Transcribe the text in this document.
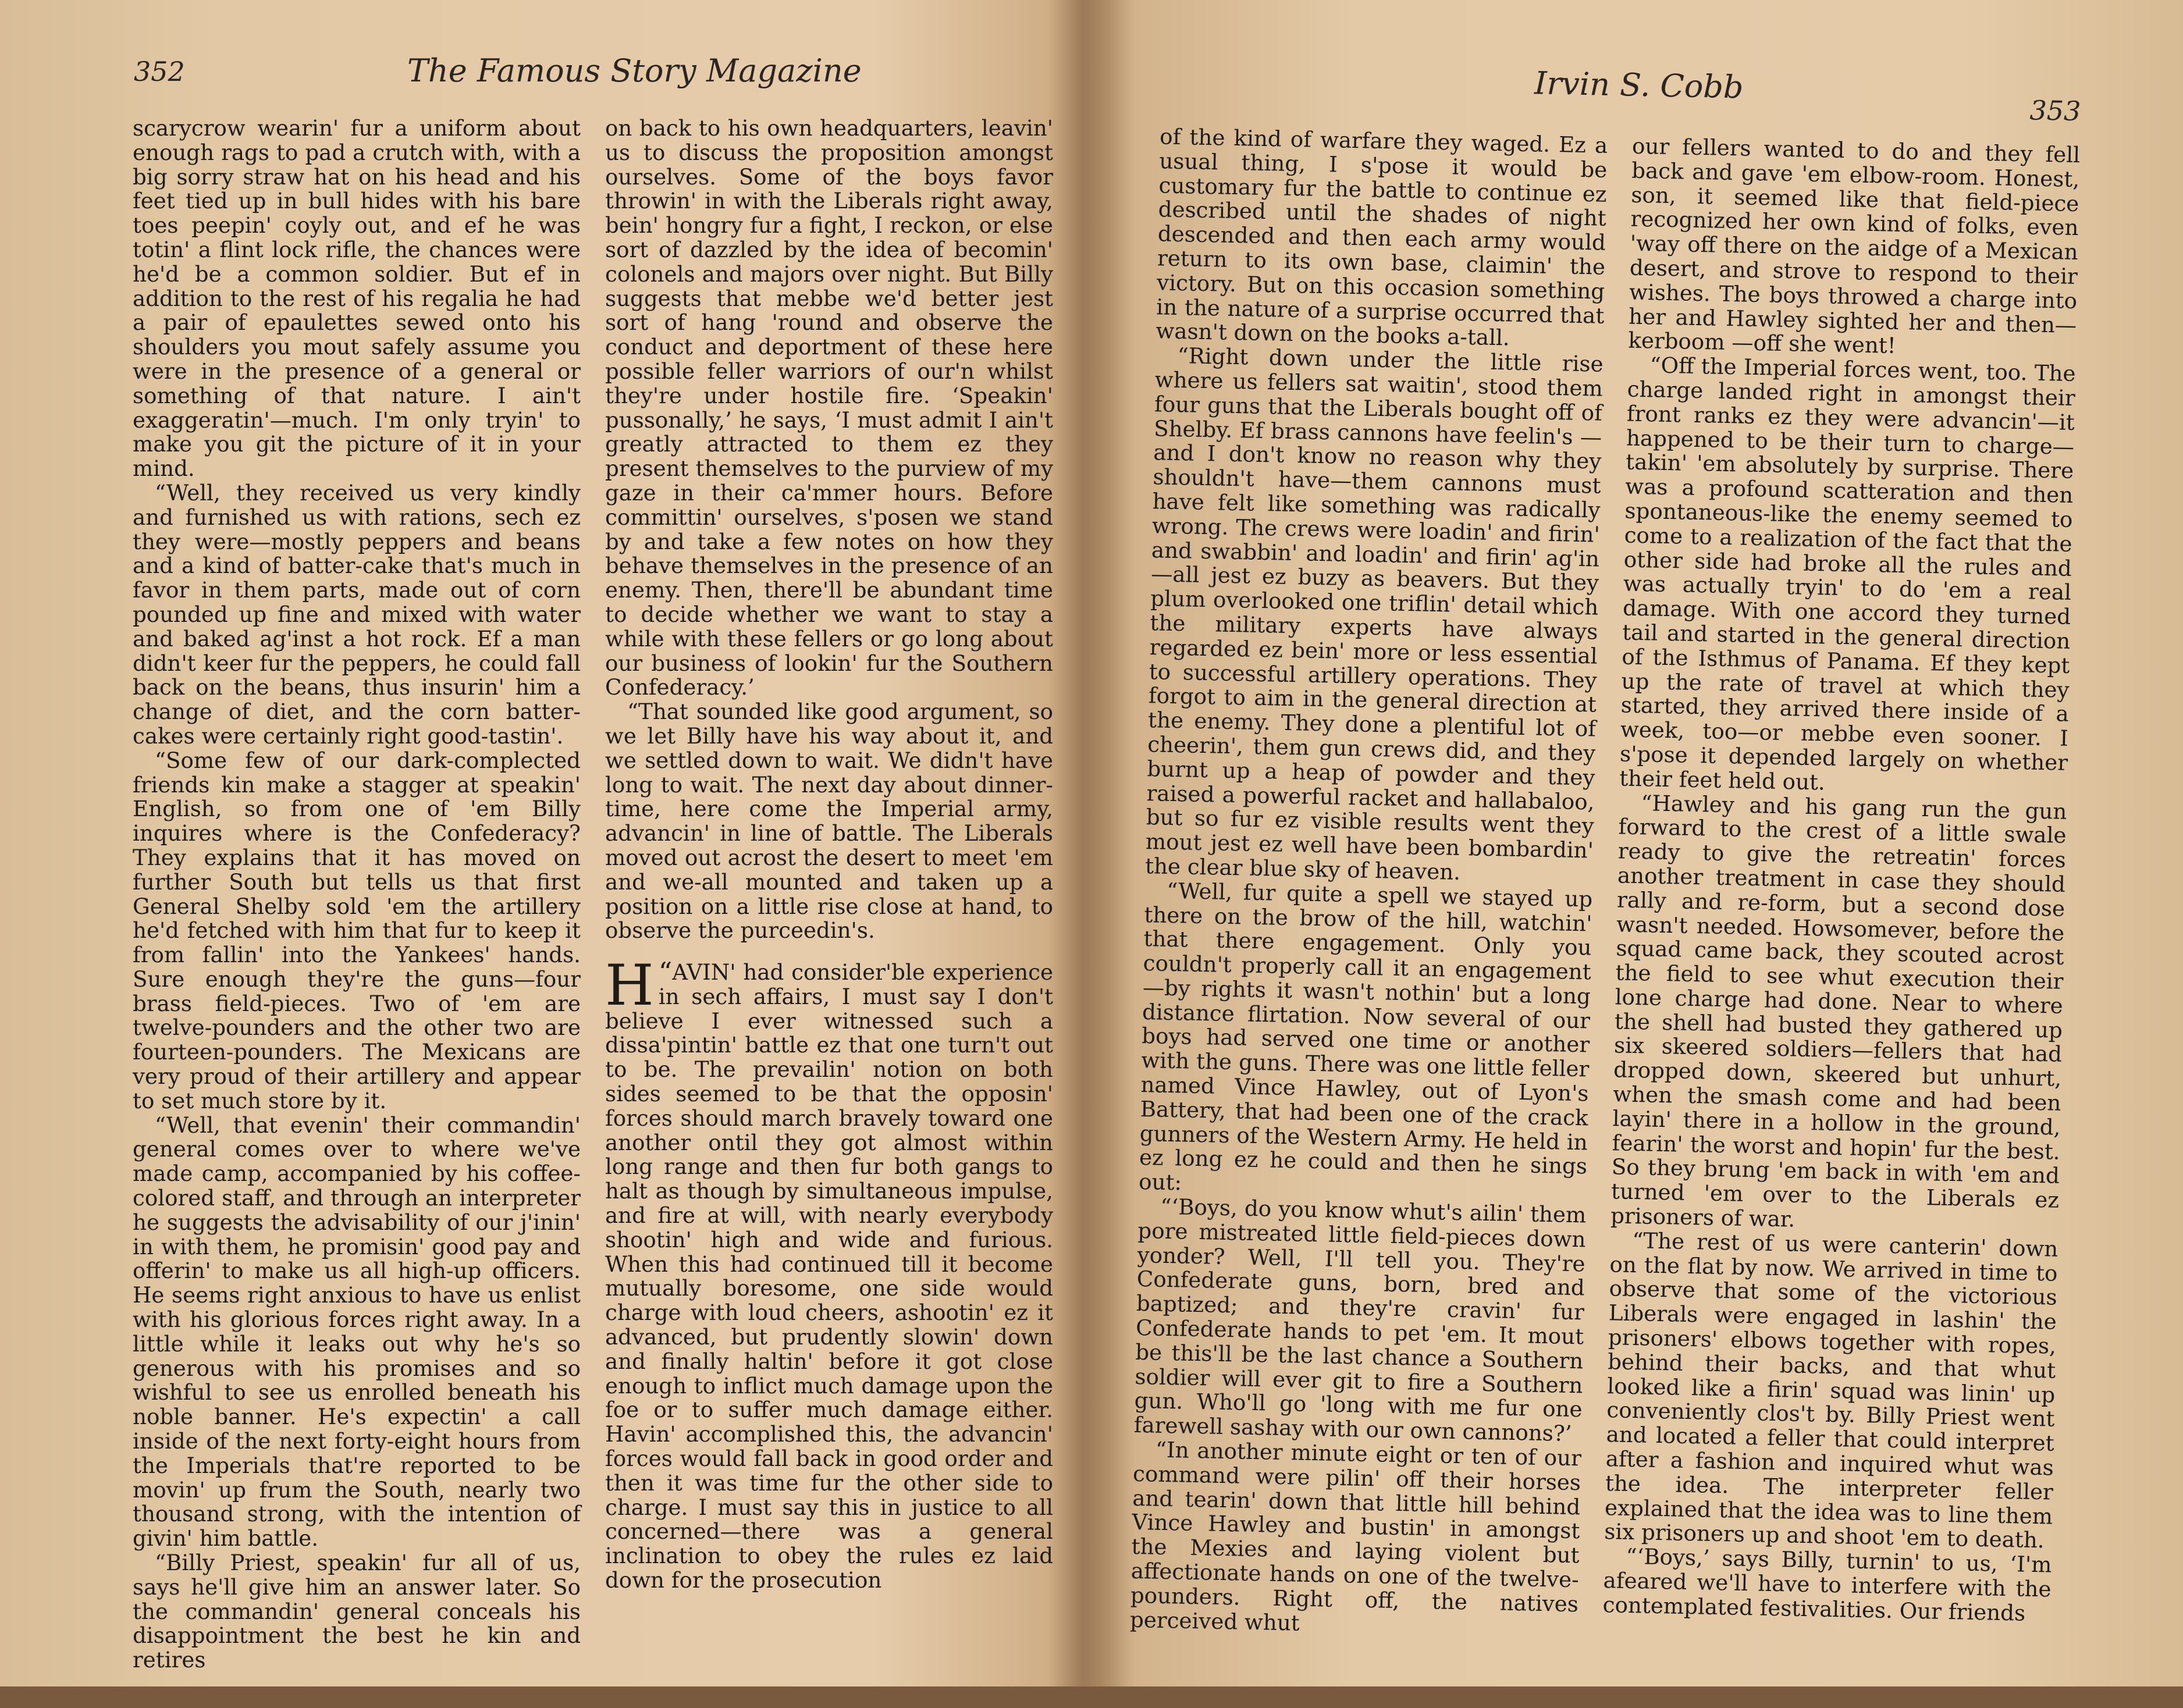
352	The Famous Story Magazine

scarycrow wearin' fur a uniform about enough rags to pad a crutch with, with a big sorry straw hat on his head and his feet tied up in bull hides with his bare toes peepin' coyly out, and ef he was totin' a flint lock rifle, the chances were he'd be a common soldier. But ef in addition to the rest of his regalia he had a pair of epaulettes sewed onto his shoulders you mout safely assume you were in the presence of a general or something of that nature. I ain't exaggeratin'—much. I'm only tryin' to make you git the picture of it in your mind.

“Well, they received us very kindly and furnished us with rations, sech ez they were—mostly peppers and beans and a kind of batter-cake that's much in favor in them parts, made out of corn pounded up fine and mixed with water and baked ag'inst a hot rock. Ef a man didn't keer fur the peppers, he could fall back on the beans, thus insurin' him a change of diet, and the corn batter-cakes were certainly right good-tastin'.

“Some few of our dark-complected friends kin make a stagger at speakin' English, so from one of 'em Billy inquires where is the Confederacy? They explains that it has moved on further South but tells us that first General Shelby sold 'em the artillery he'd fetched with him that fur to keep it from fallin' into the Yankees' hands. Sure enough they're the guns—four brass field-pieces. Two of 'em are twelve-pounders and the other two are fourteen-pounders. The Mexicans are very proud of their artillery and appear to set much store by it.

“Well, that evenin' their commandin' general comes over to where we've made camp, accompanied by his coffee-colored staff, and through an interpreter he suggests the advisability of our j'inin' in with them, he promisin' good pay and offerin' to make us all high-up officers. He seems right anxious to have us enlist with his glorious forces right away. In a little while it leaks out why he's so generous with his promises and so wishful to see us enrolled beneath his noble banner. He's expectin' a call inside of the next forty-eight hours from the Imperials that're reported to be movin' up frum the South, nearly two thousand strong, with the intention of givin' him battle.

“Billy Priest, speakin' fur all of us, says he'll give him an answer later. So the commandin' general conceals his disappointment the best he kin and retires

on back to his own headquarters, leavin' us to discuss the proposition amongst ourselves. Some of the boys favor throwin' in with the Liberals right away, bein' hongry fur a fight, I reckon, or else sort of dazzled by the idea of becomin' colonels and majors over night. But Billy suggests that mebbe we'd better jest sort of hang 'round and observe the conduct and deportment of these here possible feller warriors of our'n whilst they're under hostile fire. ‘Speakin' pussonally,’ he says, ‘I must admit I ain't greatly attracted to them ez they present themselves to the purview of my gaze in their ca'mmer hours. Before committin' ourselves, s'posen we stand by and take a few notes on how they behave themselves in the presence of an enemy. Then, there'll be abundant time to decide whether we want to stay a while with these fellers or go long about our business of lookin' fur the Southern Confederacy.’

“That sounded like good argument, so we let Billy have his way about it, and we settled down to wait. We didn't have long to wait. The next day about dinner-time, here come the Imperial army, advancin' in line of battle. The Liberals moved out acrost the desert to meet 'em and we-all mounted and taken up a position on a little rise close at hand, to observe the purceedin's.

“
H AVIN' had consider'ble experience in sech affairs, I must say I don't believe I ever witnessed such a dissa'pintin' battle ez that one turn't out to be. The prevailin' notion on both sides seemed to be that the opposin' forces should march bravely toward one another ontil they got almost within long range and then fur both gangs to halt as though by simultaneous impulse, and fire at will, with nearly everybody shootin' high and wide and furious. When this had continued till it become mutually boresome, one side would charge with loud cheers, ashootin' ez it advanced, but prudently slowin' down and finally haltin' before it got close enough to inflict much damage upon the foe or to suffer much damage either. Havin' accomplished this, the advancin' forces would fall back in good order and then it was time fur the other side to charge. I must say this in justice to all concerned—there was a general inclination to obey the rules ez laid down for the prosecution

Irvin S. Cobb
353

of the kind of warfare they waged. Ez a usual thing, I s'pose it would be customary fur the battle to continue ez described until the shades of night descended and then each army would return to its own base, claimin' the victory. But on this occasion something in the nature of a surprise occurred that wasn't down on the books a-tall.

“Right down under the little rise where us fellers sat waitin', stood them four guns that the Liberals bought off of Shelby. Ef brass cannons have feelin's —and I don't know no reason why they shouldn't have—them cannons must have felt like something was radically wrong. The crews were loadin' and firin' and swabbin' and loadin' and firin' ag'in—all jest ez buzy as beavers. But they plum overlooked one triflin' detail which the military experts have always regarded ez bein' more or less essential to successful artillery operations. They forgot to aim in the general direction at the enemy. They done a plentiful lot of cheerin', them gun crews did, and they burnt up a heap of powder and they raised a powerful racket and hallabaloo, but so fur ez visible results went they mout jest ez well have been bombardin' the clear blue sky of heaven.

“Well, fur quite a spell we stayed up there on the brow of the hill, watchin' that there engagement. Only you couldn't properly call it an engagement —by rights it wasn't nothin' but a long distance flirtation. Now several of our boys had served one time or another with the guns. There was one little feller named Vince Hawley, out of Lyon's Battery, that had been one of the crack gunners of the Western Army. He held in ez long ez he could and then he sings out:

“‘Boys, do you know whut's ailin' them pore mistreated little field-pieces down yonder? Well, I'll tell you. They're Confederate guns, born, bred and baptized; and they're cravin' fur Confederate hands to pet 'em. It mout be this'll be the last chance a Southern soldier will ever git to fire a Southern gun. Who'll go 'long with me fur one farewell sashay with our own cannons?’

“In another minute eight or ten of our command were pilin' off their horses and tearin' down that little hill behind Vince Hawley and bustin' in amongst the Mexies and laying violent but affectionate hands on one of the twelve-pounders. Right off, the natives perceived whut

our fellers wanted to do and they fell back and gave 'em elbow-room. Honest, son, it seemed like that field-piece recognized her own kind of folks, even 'way off there on the aidge of a Mexican desert, and strove to respond to their wishes. The boys throwed a charge into her and Hawley sighted her and then—kerboom —off she went!

“Off the Imperial forces went, too. The charge landed right in amongst their front ranks ez they were advancin'—it happened to be their turn to charge—takin' 'em absolutely by surprise. There was a profound scatteration and then spontaneous-like the enemy seemed to come to a realization of the fact that the other side had broke all the rules and was actually tryin' to do 'em a real damage. With one accord they turned tail and started in the general direction of the Isthmus of Panama. Ef they kept up the rate of travel at which they started, they arrived there inside of a week, too—or mebbe even sooner. I s'pose it depended largely on whether their feet held out.

“Hawley and his gang run the gun forward to the crest of a little swale ready to give the retreatin' forces another treatment in case they should rally and re-form, but a second dose wasn't needed. Howsomever, before the squad came back, they scouted acrost the field to see whut execution their lone charge had done. Near to where the shell had busted they gathered up six skeered soldiers—fellers that had dropped down, skeered but unhurt, when the smash come and had been layin' there in a hollow in the ground, fearin' the worst and hopin' fur the best. So they brung 'em back in with 'em and turned 'em over to the Liberals ez prisoners of war.

“The rest of us were canterin' down on the flat by now. We arrived in time to observe that some of the victorious Liberals were engaged in lashin' the prisoners' elbows together with ropes, behind their backs, and that whut looked like a firin' squad was linin' up conveniently clos't by. Billy Priest went and located a feller that could interpret after a fashion and inquired whut was the idea. The interpreter feller explained that the idea was to line them six prisoners up and shoot 'em to death.

“‘Boys,’ says Billy, turnin' to us, ‘I'm afeared we'll have to interfere with the contemplated festivalities. Our friends
